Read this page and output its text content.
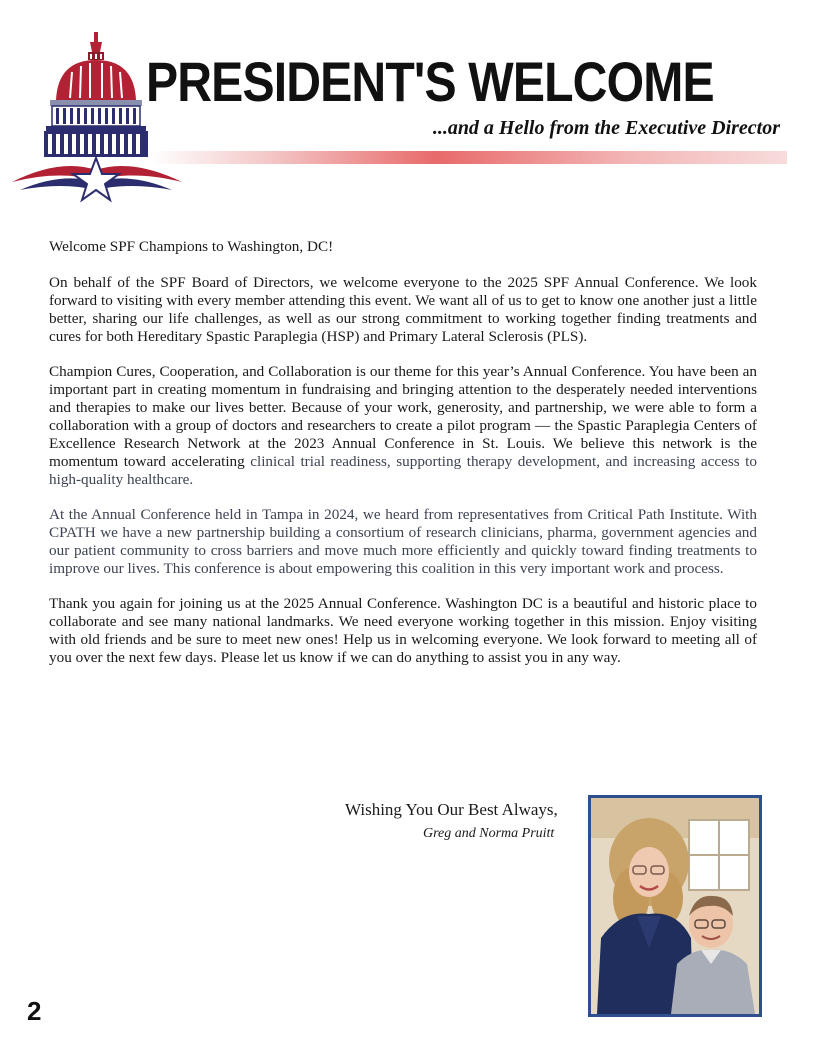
PRESIDENT'S WELCOME
...and a Hello from the Executive Director

Welcome SPF Champions to Washington, DC!

On behalf of the SPF Board of Directors, we welcome everyone to the 2025 SPF Annual Conference. We look forward to visiting with every member attending this event. We want all of us to get to know one another just a little better, sharing our life challenges, as well as our strong commitment to working together finding treatments and cures for both Hereditary Spastic Paraplegia (HSP) and Primary Lateral Sclerosis (PLS).

Champion Cures, Cooperation, and Collaboration is our theme for this year’s Annual Conference. You have been an important part in creating momentum in fundraising and bringing attention to the desperately needed interventions and therapies to make our lives better. Because of your work, generosity, and partnership, we were able to form a collaboration with a group of doctors and researchers to create a pilot program — the Spastic Paraplegia Centers of Excellence Research Network at the 2023 Annual Conference in St. Louis. We believe this network is the momentum toward accelerating clinical trial readiness, supporting therapy development, and increasing access to high-quality healthcare.

At the Annual Conference held in Tampa in 2024, we heard from representatives from Critical Path Institute. With CPATH we have a new partnership building a consortium of research clinicians, pharma, government agencies and our patient community to cross barriers and move much more efficiently and quickly toward finding treatments to improve our lives. This conference is about empowering this coalition in this very important work and process.

Thank you again for joining us at the 2025 Annual Conference. Washington DC is a beautiful and historic place to collaborate and see many national landmarks. We need everyone working together in this mission. Enjoy visiting with old friends and be sure to meet new ones! Help us in welcoming everyone. We look forward to meeting all of you over the next few days. Please let us know if we can do anything to assist you in any way.

Wishing You Our Best Always,
Greg and Norma Pruitt
2
